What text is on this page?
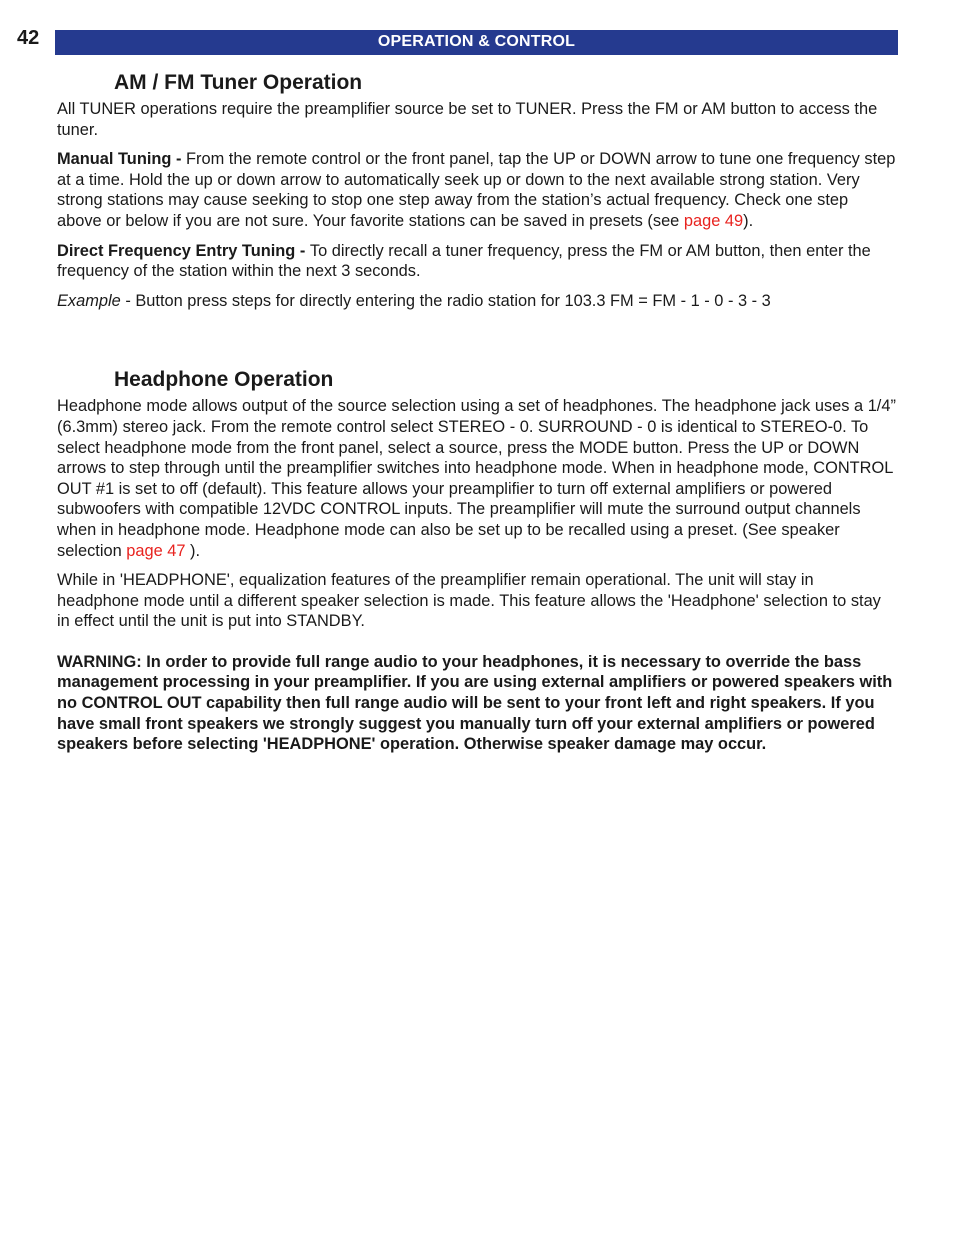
42	OPERATION & CONTROL
AM / FM Tuner Operation

All TUNER operations require the preamplifier source be set to TUNER. Press the FM or AM button to access the tuner.

Manual Tuning - From the remote control or the front panel, tap the UP or DOWN arrow to tune one frequency step at a time. Hold the up or down arrow to automatically seek up or down to the next available strong station. Very strong stations may cause seeking to stop one step away from the station’s actual frequency. Check one step above or below if you are not sure. Your favorite stations can be saved in presets (see page 49).

Direct Frequency Entry Tuning - To directly recall a tuner frequency, press the FM or AM button, then enter the frequency of the station within the next 3 seconds.

Example - Button press steps for directly entering the radio station for 103.3 FM = FM - 1 - 0 - 3 - 3

Headphone Operation

Headphone mode allows output of the source selection using a set of headphones. The headphone jack uses a 1/4” (6.3mm) stereo jack. From the remote control select STEREO - 0. SURROUND - 0 is identical to STEREO-0. To select headphone mode from the front panel, select a source, press the MODE button. Press the UP or DOWN arrows to step through until the preamplifier switches into headphone mode. When in headphone mode, CONTROL OUT #1 is set to off (default). This feature allows your preamplifier to turn off external amplifiers or powered subwoofers with compatible 12VDC CONTROL inputs. The preamplifier will mute the surround output channels when in headphone mode. Headphone mode can also be set up to be recalled using a preset. (See speaker selection page 47 ).

While in 'HEADPHONE', equalization features of the preamplifier remain operational. The unit will stay in headphone mode until a different speaker selection is made. This feature allows the 'Headphone' selection to stay in effect until the unit is put into STANDBY.

WARNING: In order to provide full range audio to your headphones, it is necessary to override the bass management processing in your preamplifier. If you are using external amplifiers or powered speakers with no CONTROL OUT capability then full range audio will be sent to your front left and right speakers. If you have small front speakers we strongly suggest you manually turn off your external amplifiers or powered speakers before selecting 'HEADPHONE' operation. Otherwise speaker damage may occur.
